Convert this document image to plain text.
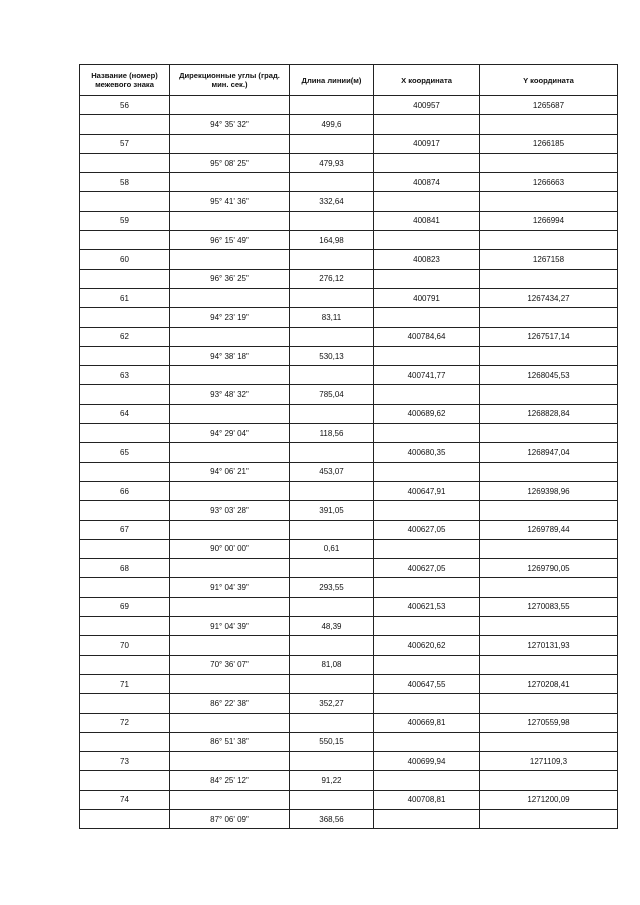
Название (номер) межевого знака	Дирекционные углы (град. мин. сек.)	Длина линии(м)	X координата	Y координата
56			400957	1265687
	94° 35' 32"	499,6		
57			400917	1266185
	95° 08' 25"	479,93		
58			400874	1266663
	95° 41' 36"	332,64		
59			400841	1266994
	96° 15' 49"	164,98		
60			400823	1267158
	96° 36' 25"	276,12		
61			400791	1267434,27
	94° 23' 19"	83,11		
62			400784,64	1267517,14
	94° 38' 18"	530,13		
63			400741,77	1268045,53
	93° 48' 32"	785,04		
64			400689,62	1268828,84
	94° 29' 04"	118,56		
65			400680,35	1268947,04
	94° 06' 21"	453,07		
66			400647,91	1269398,96
	93° 03' 28"	391,05		
67			400627,05	1269789,44
	90° 00' 00"	0,61		
68			400627,05	1269790,05
	91° 04' 39"	293,55		
69			400621,53	1270083,55
	91° 04' 39"	48,39		
70			400620,62	1270131,93
	70° 36' 07"	81,08		
71			400647,55	1270208,41
	86° 22' 38"	352,27		
72			400669,81	1270559,98
	86° 51' 38"	550,15		
73			400699,94	1271109,3
	84° 25' 12"	91,22		
74			400708,81	1271200,09
	87° 06' 09"	368,56		
